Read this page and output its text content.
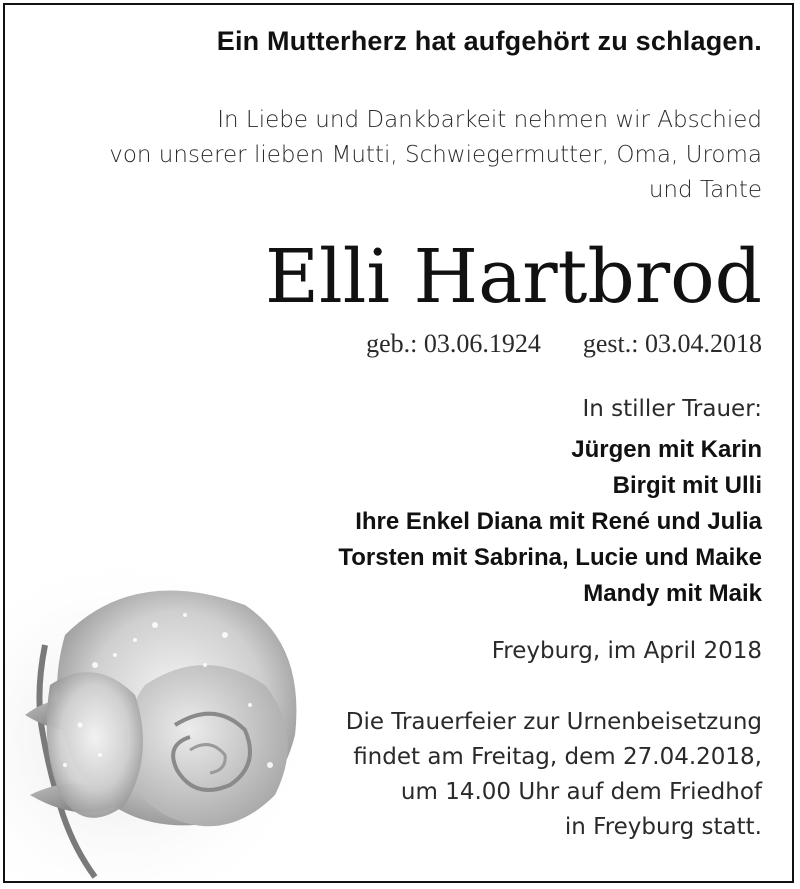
Ein Mutterherz hat aufgehört zu schlagen.
In Liebe und Dankbarkeit nehmen wir Abschied
von unserer lieben Mutti, Schwiegermutter, Oma, Uroma
und Tante
Elli Hartbrod
geb.: 03.06.1924 gest.: 03.04.2018
In stiller Trauer:
Jürgen mit Karin
Birgit mit Ulli
Ihre Enkel Diana mit René und Julia
Torsten mit Sabrina, Lucie und Maike
Mandy mit Maik
Freyburg, im April 2018
Die Trauerfeier zur Urnenbeisetzung
findet am Freitag, dem 27.04.2018,
um 14.00 Uhr auf dem Friedhof
in Freyburg statt.
